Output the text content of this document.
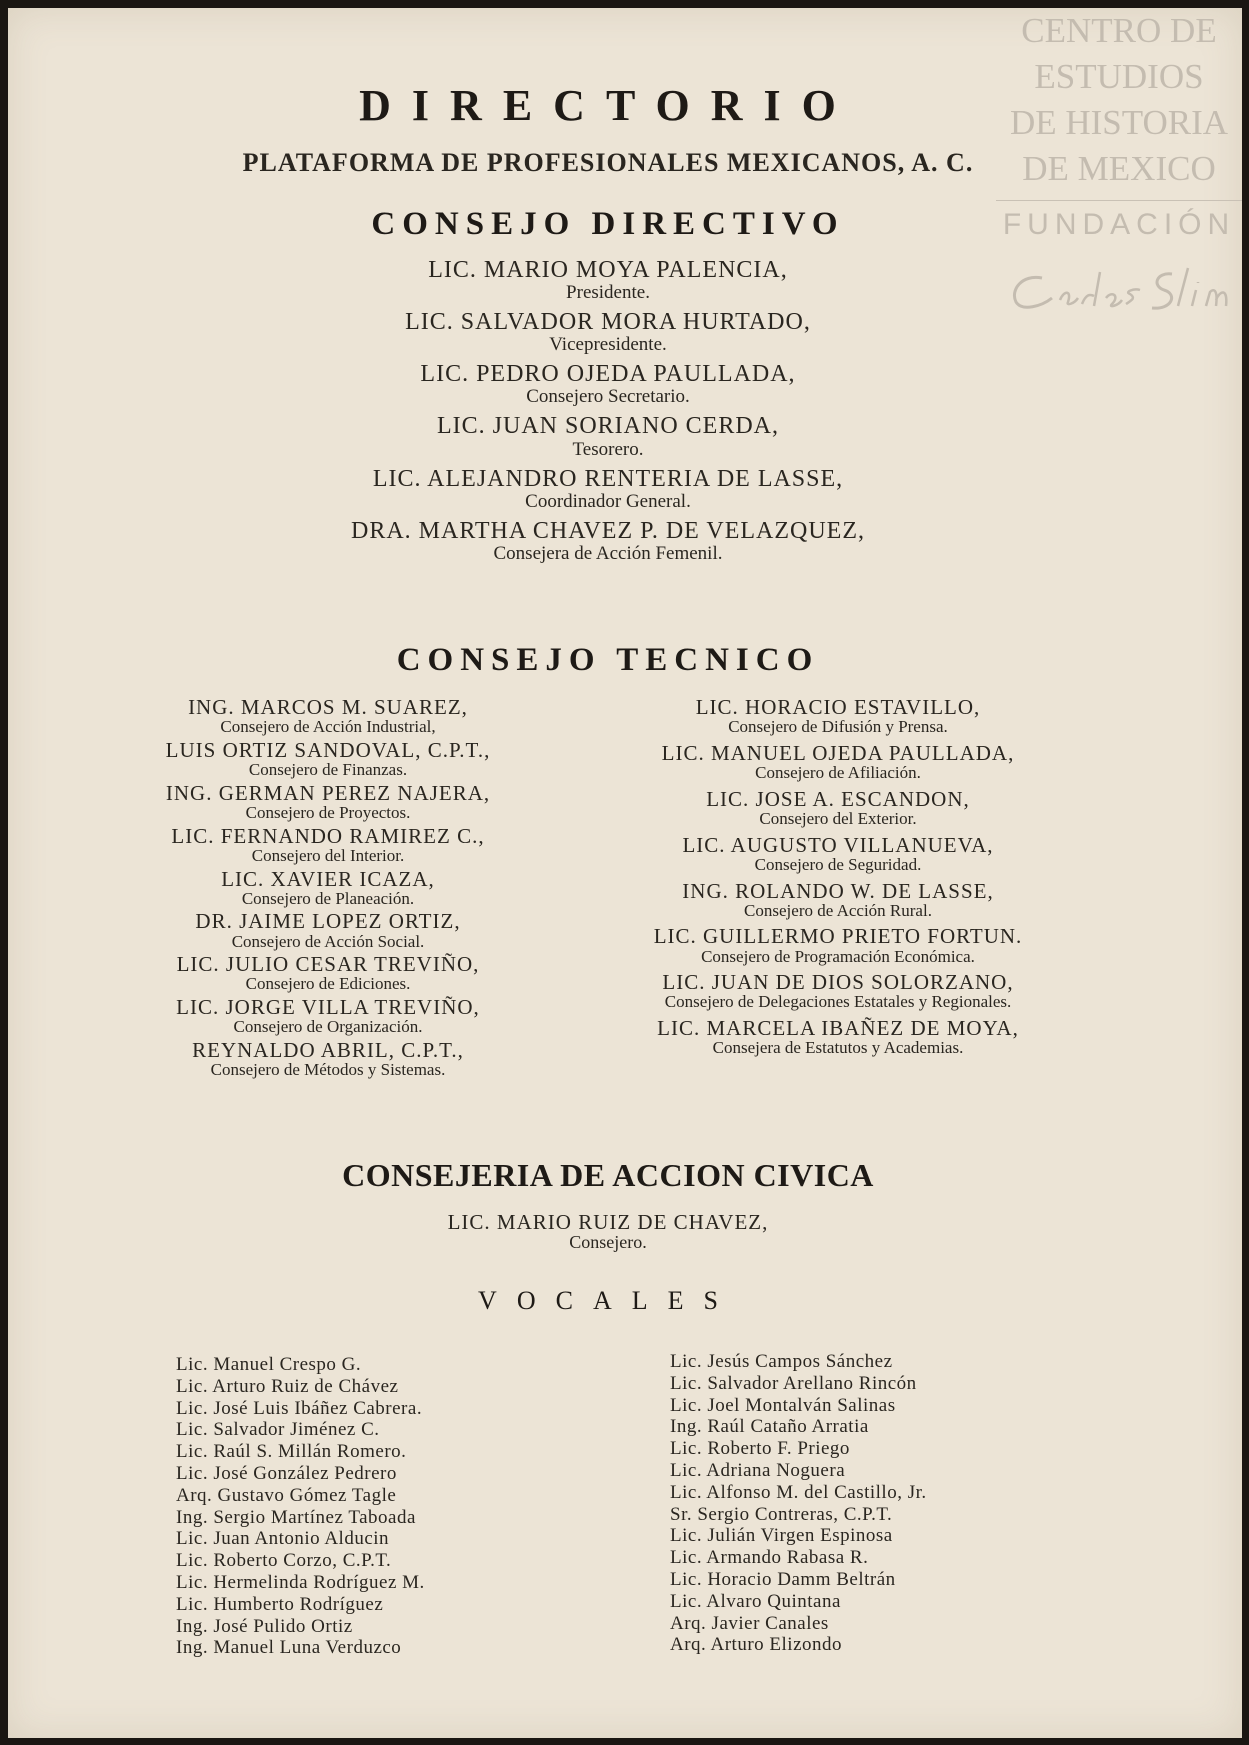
CENTRO DE
ESTUDIOS
DE HISTORIA
DE MEXICO
FUNDACIÓN
DIRECTORIO
PLATAFORMA DE PROFESIONALES MEXICANOS, A. C.
CONSEJO DIRECTIVO
LIC. MARIO MOYA PALENCIA,
Presidente.
LIC. SALVADOR MORA HURTADO,
Vicepresidente.
LIC. PEDRO OJEDA PAULLADA,
Consejero Secretario.
LIC. JUAN SORIANO CERDA,
Tesorero.
LIC. ALEJANDRO RENTERIA DE LASSE,
Coordinador General.
DRA. MARTHA CHAVEZ P. DE VELAZQUEZ,
Consejera de Acción Femenil.
CONSEJO TECNICO
ING. MARCOS M. SUAREZ,
Consejero de Acción Industrial,
LUIS ORTIZ SANDOVAL, C.P.T.,
Consejero de Finanzas.
ING. GERMAN PEREZ NAJERA,
Consejero de Proyectos.
LIC. FERNANDO RAMIREZ C.,
Consejero del Interior.
LIC. XAVIER ICAZA,
Consejero de Planeación.
DR. JAIME LOPEZ ORTIZ,
Consejero de Acción Social.
LIC. JULIO CESAR TREVIÑO,
Consejero de Ediciones.
LIC. JORGE VILLA TREVIÑO,
Consejero de Organización.
REYNALDO ABRIL, C.P.T.,
Consejero de Métodos y Sistemas.
LIC. HORACIO ESTAVILLO,
Consejero de Difusión y Prensa.
LIC. MANUEL OJEDA PAULLADA,
Consejero de Afiliación.
LIC. JOSE A. ESCANDON,
Consejero del Exterior.
LIC. AUGUSTO VILLANUEVA,
Consejero de Seguridad.
ING. ROLANDO W. DE LASSE,
Consejero de Acción Rural.
LIC. GUILLERMO PRIETO FORTUN.
Consejero de Programación Económica.
LIC. JUAN DE DIOS SOLORZANO,
Consejero de Delegaciones Estatales y Regionales.
LIC. MARCELA IBAÑEZ DE MOYA,
Consejera de Estatutos y Academias.
CONSEJERIA DE ACCION CIVICA
LIC. MARIO RUIZ DE CHAVEZ,
Consejero.
VOCALES
Lic. Manuel Crespo G.
Lic. Arturo Ruiz de Chávez
Lic. José Luis Ibáñez Cabrera.
Lic. Salvador Jiménez C.
Lic. Raúl S. Millán Romero.
Lic. José González Pedrero
Arq. Gustavo Gómez Tagle
Ing. Sergio Martínez Taboada
Lic. Juan Antonio Alducin
Lic. Roberto Corzo, C.P.T.
Lic. Hermelinda Rodríguez M.
Lic. Humberto Rodríguez
Ing. José Pulido Ortiz
Ing. Manuel Luna Verduzco
Lic. Jesús Campos Sánchez
Lic. Salvador Arellano Rincón
Lic. Joel Montalván Salinas
Ing. Raúl Cataño Arratia
Lic. Roberto F. Priego
Lic. Adriana Noguera
Lic. Alfonso M. del Castillo, Jr.
Sr. Sergio Contreras, C.P.T.
Lic. Julián Virgen Espinosa
Lic. Armando Rabasa R.
Lic. Horacio Damm Beltrán
Lic. Alvaro Quintana
Arq. Javier Canales
Arq. Arturo Elizondo
